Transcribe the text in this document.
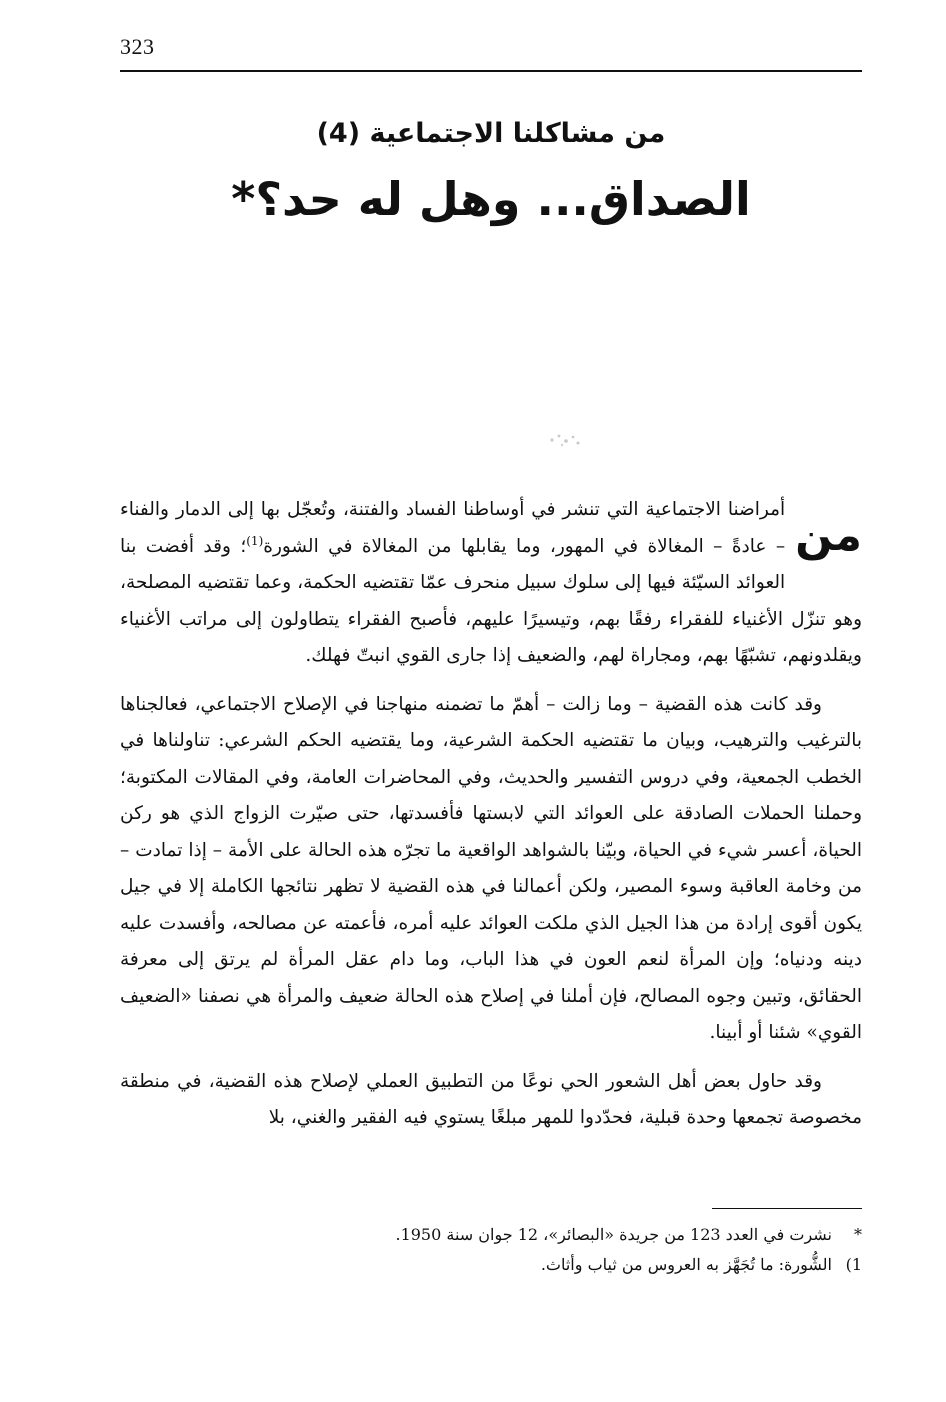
323
من مشاكلنا الاجتماعية (4)
الصداق... وهل له حد؟*

من
أمراضنا الاجتماعية التي تنشر في أوساطنا الفساد والفتنة، وتُعجّل بها إلى الدمار والفناء – عادةً – المغالاة في المهور، وما يقابلها من المغالاة في الشورة$^{(1)}$؛ وقد أفضت بنا العوائد السيّئة فيها إلى سلوك سبيل منحرف عمّا تقتضيه الحكمة، وعما تقتضيه المصلحة، وهو تنزّل الأغنياء للفقراء رفقًا بهم، وتيسيرًا عليهم، فأصبح الفقراء يتطاولون إلى مراتب الأغنياء ويقلدونهم، تشبّهًا بهم، ومجاراة لهم، والضعيف إذا جارى القوي انبتّ فهلك.

وقد كانت هذه القضية – وما زالت – أهمّ ما تضمنه منهاجنا في الإصلاح الاجتماعي، فعالجناها بالترغيب والترهيب، وبيان ما تقتضيه الحكمة الشرعية، وما يقتضيه الحكم الشرعي: تناولناها في الخطب الجمعية، وفي دروس التفسير والحديث، وفي المحاضرات العامة، وفي المقالات المكتوبة؛ وحملنا الحملات الصادقة على العوائد التي لابستها فأفسدتها، حتى صيّرت الزواج الذي هو ركن الحياة، أعسر شيء في الحياة، وبيّنا بالشواهد الواقعية ما تجرّه هذه الحالة على الأمة – إذا تمادت – من وخامة العاقبة وسوء المصير، ولكن أعمالنا في هذه القضية لا تظهر نتائجها الكاملة إلا في جيل يكون أقوى إرادة من هذا الجيل الذي ملكت العوائد عليه أمره، فأعمته عن مصالحه، وأفسدت عليه دينه ودنياه؛ وإن المرأة لنعم العون في هذا الباب، وما دام عقل المرأة لم يرتق إلى معرفة الحقائق، وتبين وجوه المصالح، فإن أملنا في إصلاح هذه الحالة ضعيف والمرأة هي نصفنا «الضعيف القوي» شئنا أو أبينا.

وقد حاول بعض أهل الشعور الحي نوعًا من التطبيق العملي لإصلاح هذه القضية، في منطقة مخصوصة تجمعها وحدة قبلية، فحدّدوا للمهر مبلغًا يستوي فيه الفقير والغني، بلا

*نشرت في العدد 123 من جريدة «البصائر»، 12 جوان سنة 1950.
1)الشُّورة: ما تُجَهَّز به العروس من ثياب وأثاث.
